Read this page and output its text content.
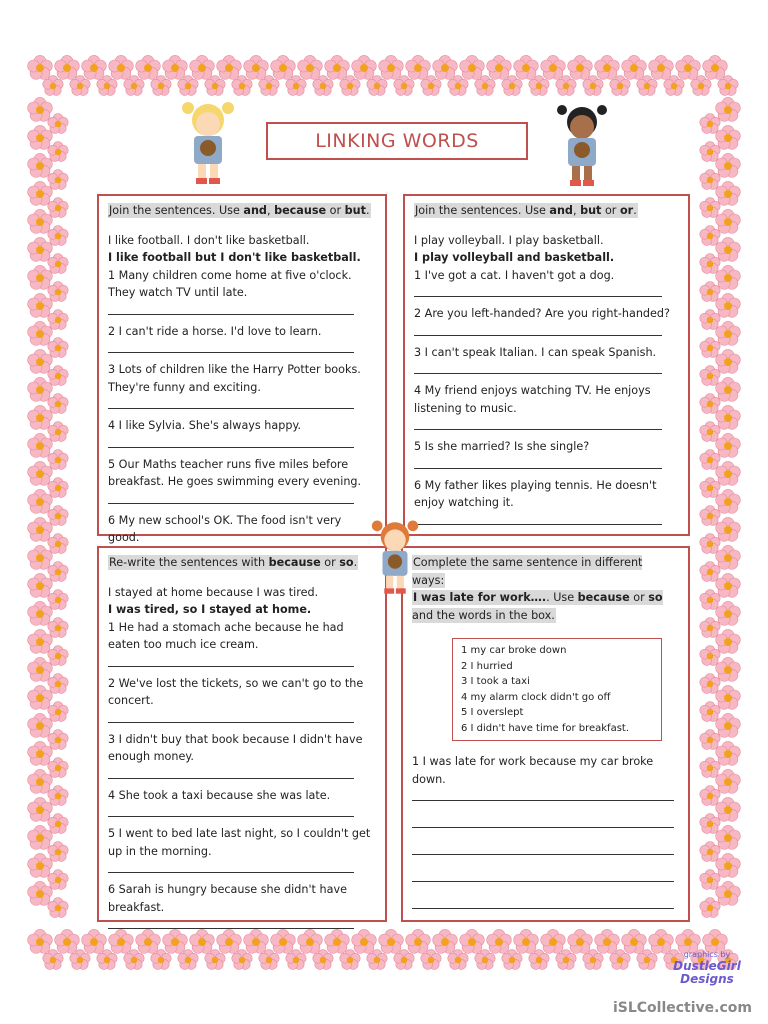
LINKING WORDS
Join the sentences. Use and, because or but.
I like football. I don't like basketball.
I like football but I don't like basketball.
1 Many children come home at five o'clock. They watch TV until late.
2 I can't ride a horse. I'd love to learn.
3 Lots of children like the Harry Potter books. They're funny and exciting.
4 I like Sylvia. She's always happy.
5 Our Maths teacher runs five miles before breakfast. He goes swimming every evening.
6 My new school's OK. The food isn't very good.
Join the sentences. Use and, but or or.
I play volleyball. I play basketball.
I play volleyball and basketball.
1 I've got a cat. I haven't got a dog.
2 Are you left-handed? Are you right-handed?
3 I can't speak Italian. I can speak Spanish.
4 My friend enjoys watching TV. He enjoys listening to music.
5 Is she married? Is she single?
6 My father likes playing tennis. He doesn't enjoy watching it.
Re-write the sentences with because or so.
I stayed at home because I was tired.
I was tired, so I stayed at home.
1 He had a stomach ache because he had eaten too much ice cream.
2 We've lost the tickets, so we can't go to the concert.
3 I didn't buy that book because I didn't have enough money.
4 She took a taxi because she was late.
5 I went to bed late last night, so I couldn't get up in the morning.
6 Sarah is hungry because she didn't have breakfast.
Complete the same sentence in different ways:
I was late for work….. Use because or so and the words in the box.
1 my car broke down
2 I hurried
3 I took a taxi
4 my alarm clock didn't go off
5 I overslept
6 I didn't have time for breakfast.
1 I was late for work because my car broke down.
graphics by
DustleGirl
Designs
iSLCollective.com
